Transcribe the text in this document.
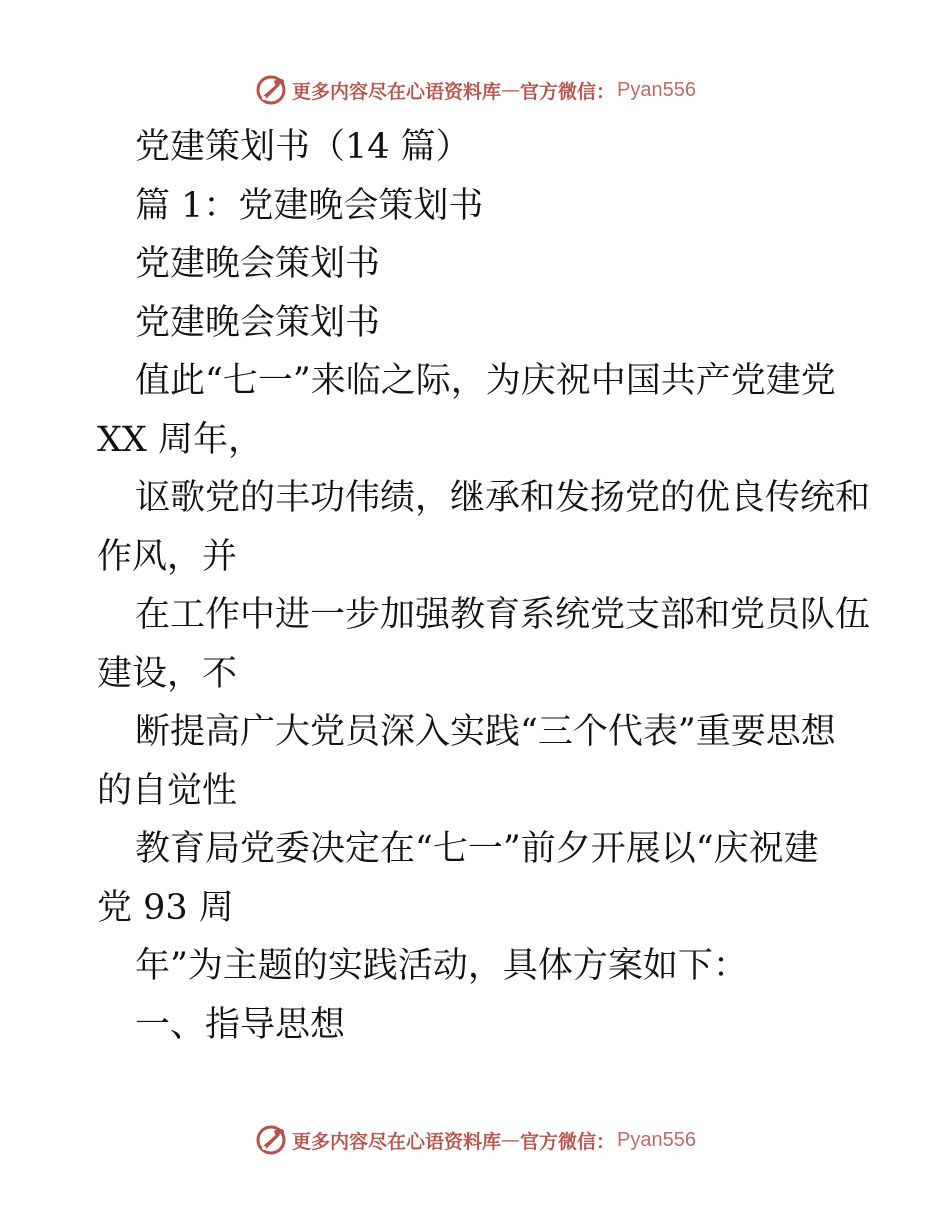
更多内容尽在心语资料库 — 官方微信： Pyan556
党建策划书（14 篇）
篇 1：党建晚会策划书
党建晚会策划书
党建晚会策划书
值此“七一”来临之际，为庆祝中国共产党建党
XX 周年，
讴歌党的丰功伟绩，继承和发扬党的优良传统和
作风，并
在工作中进一步加强教育系统党支部和党员队伍
建设，不
断提高广大党员深入实践“三个代表”重要思想
的自觉性
教育局党委决定在“七一”前夕开展以“庆祝建
党 93 周
年”为主题的实践活动，具体方案如下：
一、指导思想
更多内容尽在心语资料库 — 官方微信： Pyan556
